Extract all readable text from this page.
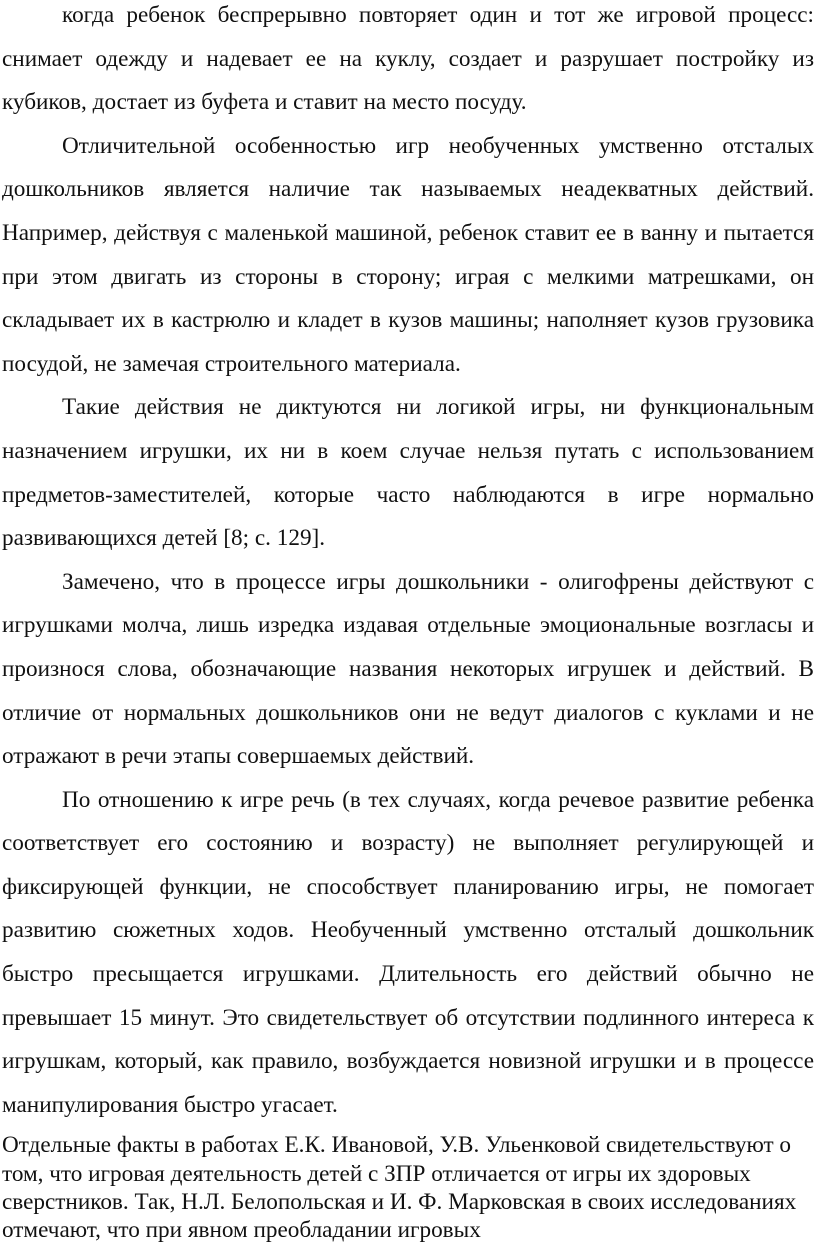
когда ребенок беспрерывно повторяет один и тот же игровой процесс: снимает одежду и надевает ее на куклу, создает и разрушает постройку из кубиков, достает из буфета и ставит на место посуду.

Отличительной особенностью игр необученных умственно отсталых дошкольников является наличие так называемых неадекватных действий. Например, действуя с маленькой машиной, ребенок ставит ее в ванну и пытается при этом двигать из стороны в сторону; играя с мелкими матрешками, он складывает их в кастрюлю и кладет в кузов машины; наполняет кузов грузовика посудой, не замечая строительного материала.

Такие действия не диктуются ни логикой игры, ни функциональным назначением игрушки, их ни в коем случае нельзя путать с использованием предметов-заместителей, которые часто наблюдаются в игре нормально развивающихся детей [8; с. 129].

Замечено, что в процессе игры дошкольники - олигофрены действуют с игрушками молча, лишь изредка издавая отдельные эмоциональные возгласы и произнося слова, обозначающие названия некоторых игрушек и действий. В отличие от нормальных дошкольников они не ведут диалогов с куклами и не отражают в речи этапы совершаемых действий.

По отношению к игре речь (в тех случаях, когда речевое развитие ребенка соответствует его состоянию и возрасту) не выполняет регулирующей и фиксирующей функции, не способствует планированию игры, не помогает развитию сюжетных ходов. Необученный умственно отсталый дошкольник быстро пресыщается игрушками. Длительность его действий обычно не превышает 15 минут. Это свидетельствует об отсутствии подлинного интереса к игрушкам, который, как правило, возбуждается новизной игрушки и в процессе манипулирования быстро угасает.

Отдельные факты в работах Е.К. Ивановой, У.В. Ульенковой свидетельствуют о том, что игровая деятельность детей с ЗПР отличается от игры их здоровых сверстников. Так, Н.Л. Белопольская и И. Ф. Марковская в своих исследованиях отмечают, что при явном преобладании игровых
